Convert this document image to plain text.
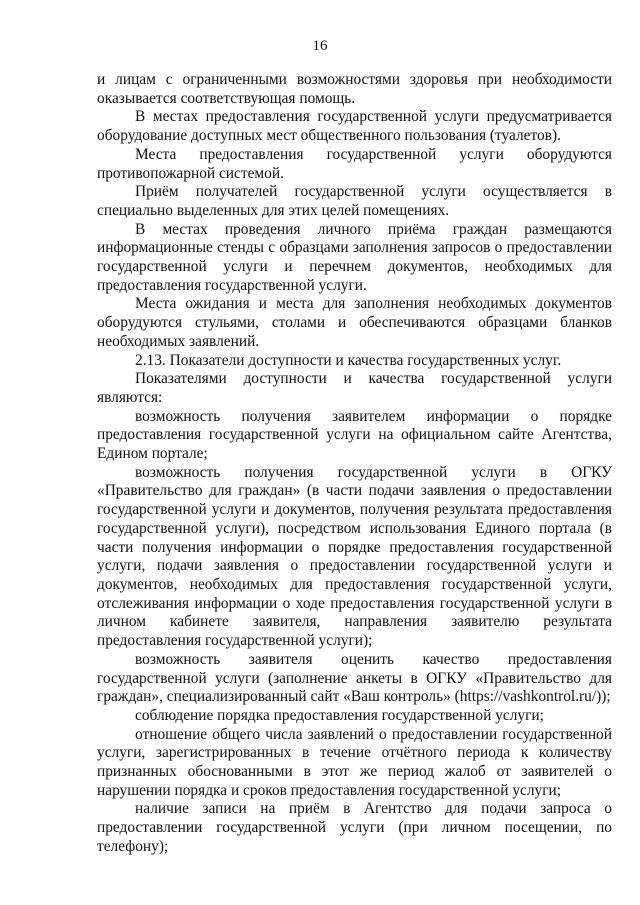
16

и лицам с ограниченными возможностями здоровья при необходимости оказывается соответствующая помощь.

В местах предоставления государственной услуги предусматривается оборудование доступных мест общественного пользования (туалетов).

Места предоставления государственной услуги оборудуются противопожарной системой.

Приём получателей государственной услуги осуществляется в специально выделенных для этих целей помещениях.

В местах проведения личного приёма граждан размещаются информационные стенды с образцами заполнения запросов о предоставлении государственной услуги и перечнем документов, необходимых для предоставления государственной услуги.

Места ожидания и места для заполнения необходимых документов оборудуются стульями, столами и обеспечиваются образцами бланков необходимых заявлений.

2.13. Показатели доступности и качества государственных услуг.

Показателями доступности и качества государственной услуги являются:

возможность получения заявителем информации о порядке предоставления государственной услуги на официальном сайте Агентства, Едином портале;

возможность получения государственной услуги в ОГКУ «Правительство для граждан» (в части подачи заявления о предоставлении государственной услуги и документов, получения результата предоставления государственной услуги), посредством использования Единого портала (в части получения информации о порядке предоставления государственной услуги, подачи заявления о предоставлении государственной услуги и документов, необходимых для предоставления государственной услуги, отслеживания информации о ходе предоставления государственной услуги в личном кабинете заявителя, направления заявителю результата предоставления государственной услуги);

возможность заявителя оценить качество предоставления государственной услуги (заполнение анкеты в ОГКУ «Правительство для граждан», специализированный сайт «Ваш контроль» (https://vashkontrol.ru/));

соблюдение порядка предоставления государственной услуги;

отношение общего числа заявлений о предоставлении государственной услуги, зарегистрированных в течение отчётного периода к количеству признанных обоснованными в этот же период жалоб от заявителей о нарушении порядка и сроков предоставления государственной услуги;

наличие записи на приём в Агентство для подачи запроса о предоставлении государственной услуги (при личном посещении, по телефону);
